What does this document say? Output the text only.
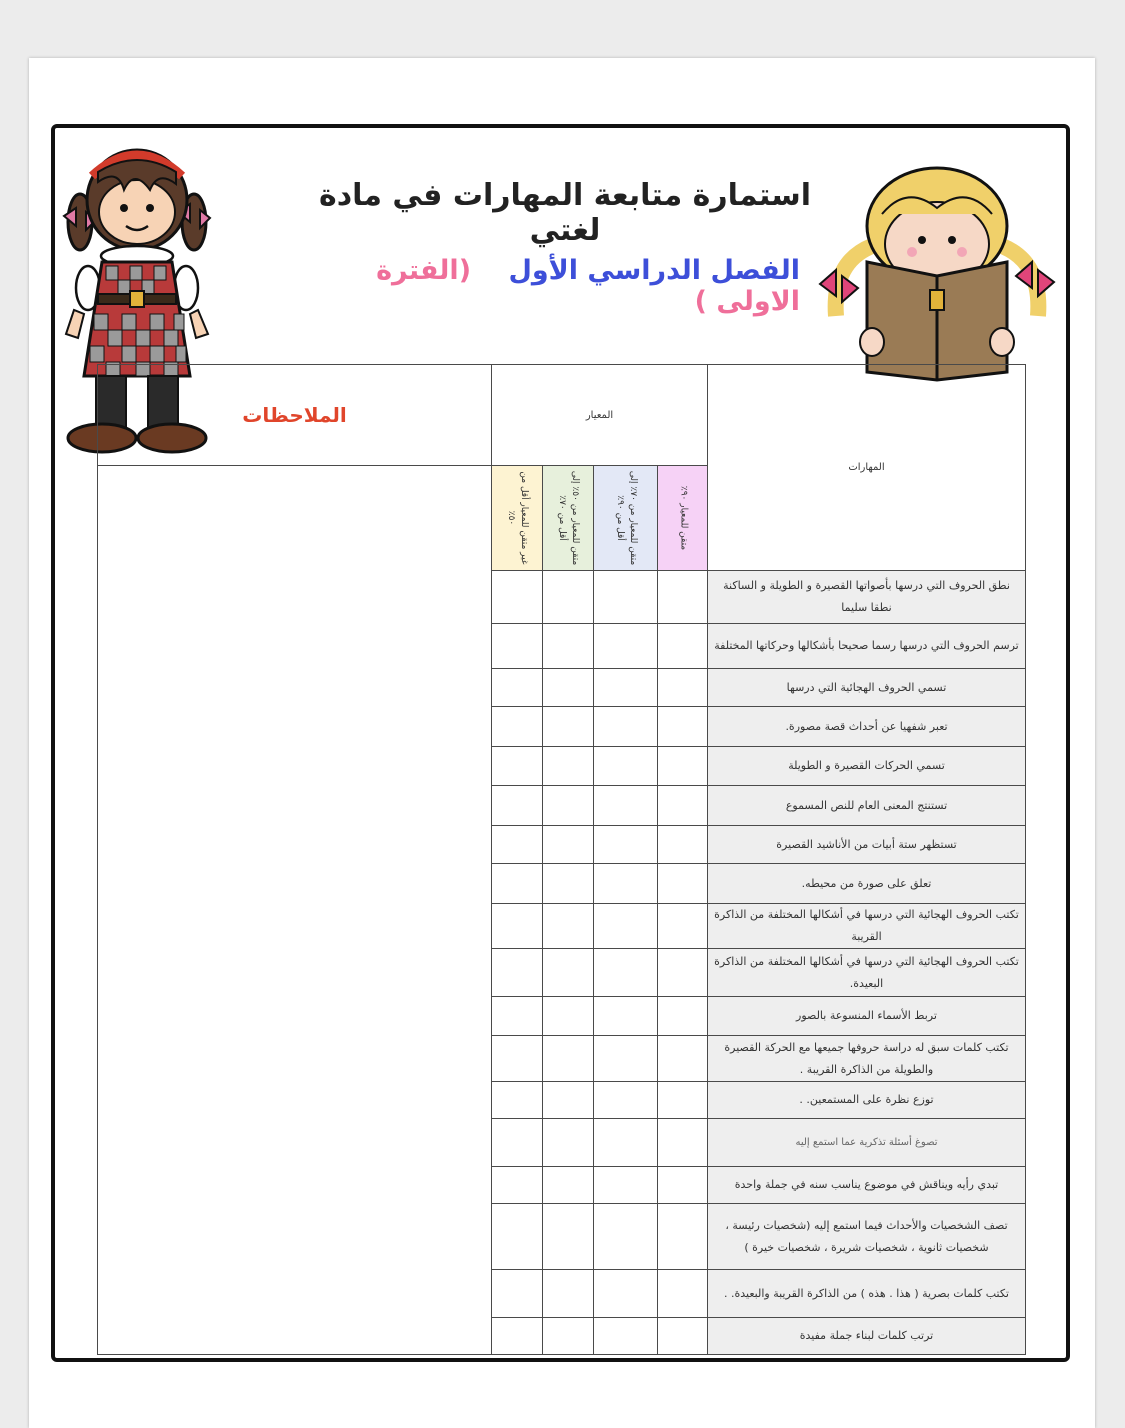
استمارة متابعة المهارات في مادة لغتي
الفصل الدراسي الأول (الفترة الاولى )
الملاحظات	المعيار				المهارات

	غير متقن للمعيار أقل من ٥٠٪	متقن للمعيار من ٥٠٪ إلى أقل من ٧٠٪	متقن للمعيار من ٧٠٪ إلى أقل من ٩٠٪	متقن للمعيار ٩٠٪	

					نطق الحروف التي درسها بأصواتها القصيرة و الطويلة و الساكنة نطقا سليما
					ترسم الحروف التي درسها رسما صحيحا بأشكالها وحركاتها المختلفة
					تسمي الحروف الهجائية التي درسها
					تعبر شفهيا عن أحداث قصة مصورة.
					تسمي الحركات القصيرة و الطويلة
					تستنتج المعنى العام للنص المسموع
					تستظهر ستة أبيات من الأناشيد القصيرة
					تعلق على صورة من محيطه.
					تكتب الحروف الهجائية التي درسها في أشكالها المختلفة من الذاكرة القريبة
					تكتب الحروف الهجائية التي درسها في أشكالها المختلفة من الذاكرة البعيدة.
					تربط الأسماء المنسوعة بالصور
					تكتب كلمات سبق له دراسة حروفها جميعها مع الحركة القصيرة والطويلة من الذاكرة القريبة .
					توزع نظرة على المستمعين. .
					تصوغ أسئلة تذكرية عما استمع إليه
					تبدي رأيه ويناقش في موضوع يناسب سنه في جملة واحدة
					تصف الشخصيات والأحداث فيما استمع إليه (شخصيات رئيسة ، شخصيات ثانوية ، شخصيات شريرة ، شخصيات خيرة )
					تكتب كلمات بصرية ( هذا . هذه ) من الذاكرة القريبة والبعيدة. .
					ترتب كلمات لبناء جملة مفيدة
